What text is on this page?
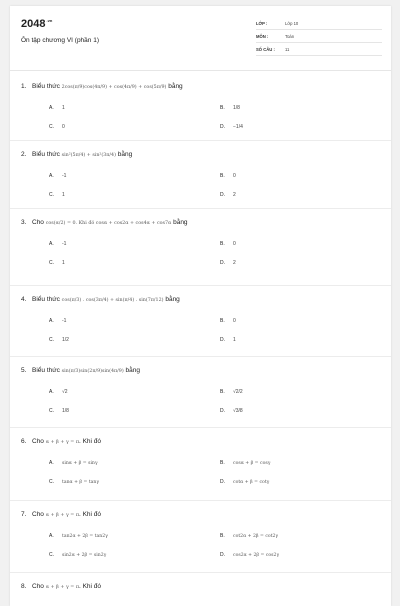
$2048^{.vn}$
Ôn tập chương VI (phần 1)
LỚP :	Lớp 10
MÔN :	Toán
SỐ CÂU :	11
1. Biểu thức 2cos(π/9)cos(4π/9) + cos(4π/9) + cos(5π/9) bằng
A. 1	B. 1/8
C. 0	D. −1/4
2. Biểu thức sin²(5π/4) + sin²(3π/4) bằng
A. -1	B. 0
C. 1	D. 2
3. Cho cos(α/2) = 0. Khi đó cosα + cos2α + cos4α + cos7α bằng
A. -1	B. 0
C. 1	D. 2
4. Biểu thức cos(π/3) . cos(3π/4) + sin(π/4) . sin(7π/12) bằng
A. -1	B. 0
C. 1/2	D. 1
5. Biểu thức sin(π/3)sin(2π/9)sin(4π/9) bằng
A. √2	B. √2/2
C. 1/8	D. √3/8
6. Cho α + β + γ = π. Khi đó
A. sinα + β = sinγ	B. cosα + β = cosγ
C. tanα + β = tanγ	D. cotα + β = cotγ
7. Cho α + β + γ = π. Khi đó
A. tan2α + 2β = tan2γ	B. cot2α + 2β = cot2γ
C. sin2α + 2β = sin2γ	D. cos2α + 2β = cos2γ
8. Cho α + β + γ = π. Khi đó
